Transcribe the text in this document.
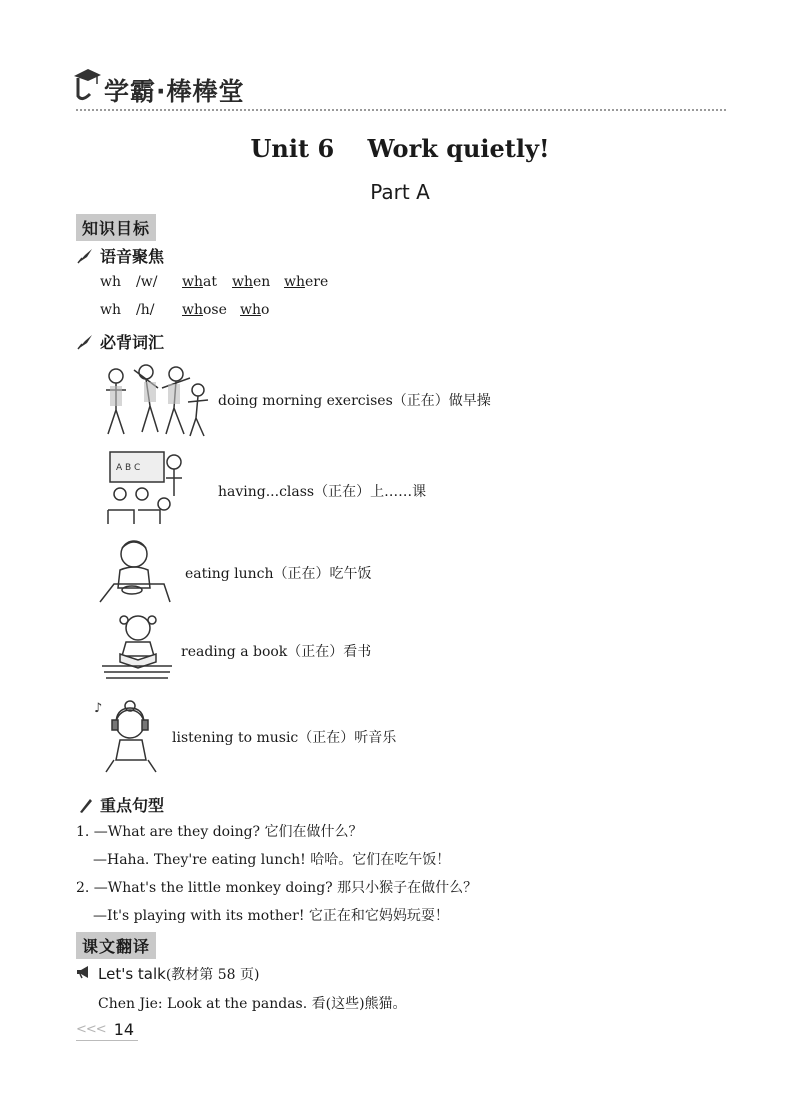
学霸·棒棒堂
Unit 6    Work quietly!
Part A
知识目标
语音聚焦
wh	/w/	what	when where
wh	/h/	whose who
必背词汇
doing morning exercises（正在）做早操
A B C
having...class（正在）上……课
eating lunch（正在）吃午饭
reading a book（正在）看书
♪
listening to music（正在）听音乐
重点句型
1. —What are they doing? 它们在做什么？
—Haha. They're eating lunch! 哈哈。它们在吃午饭！
2. —What's the little monkey doing? 那只小猴子在做什么？
—It's playing with its mother! 它正在和它妈妈玩耍！
课文翻译
Let's talk (教材第 58 页)
Chen Jie: Look at the pandas. 看(这些)熊猫。
<<< 14
